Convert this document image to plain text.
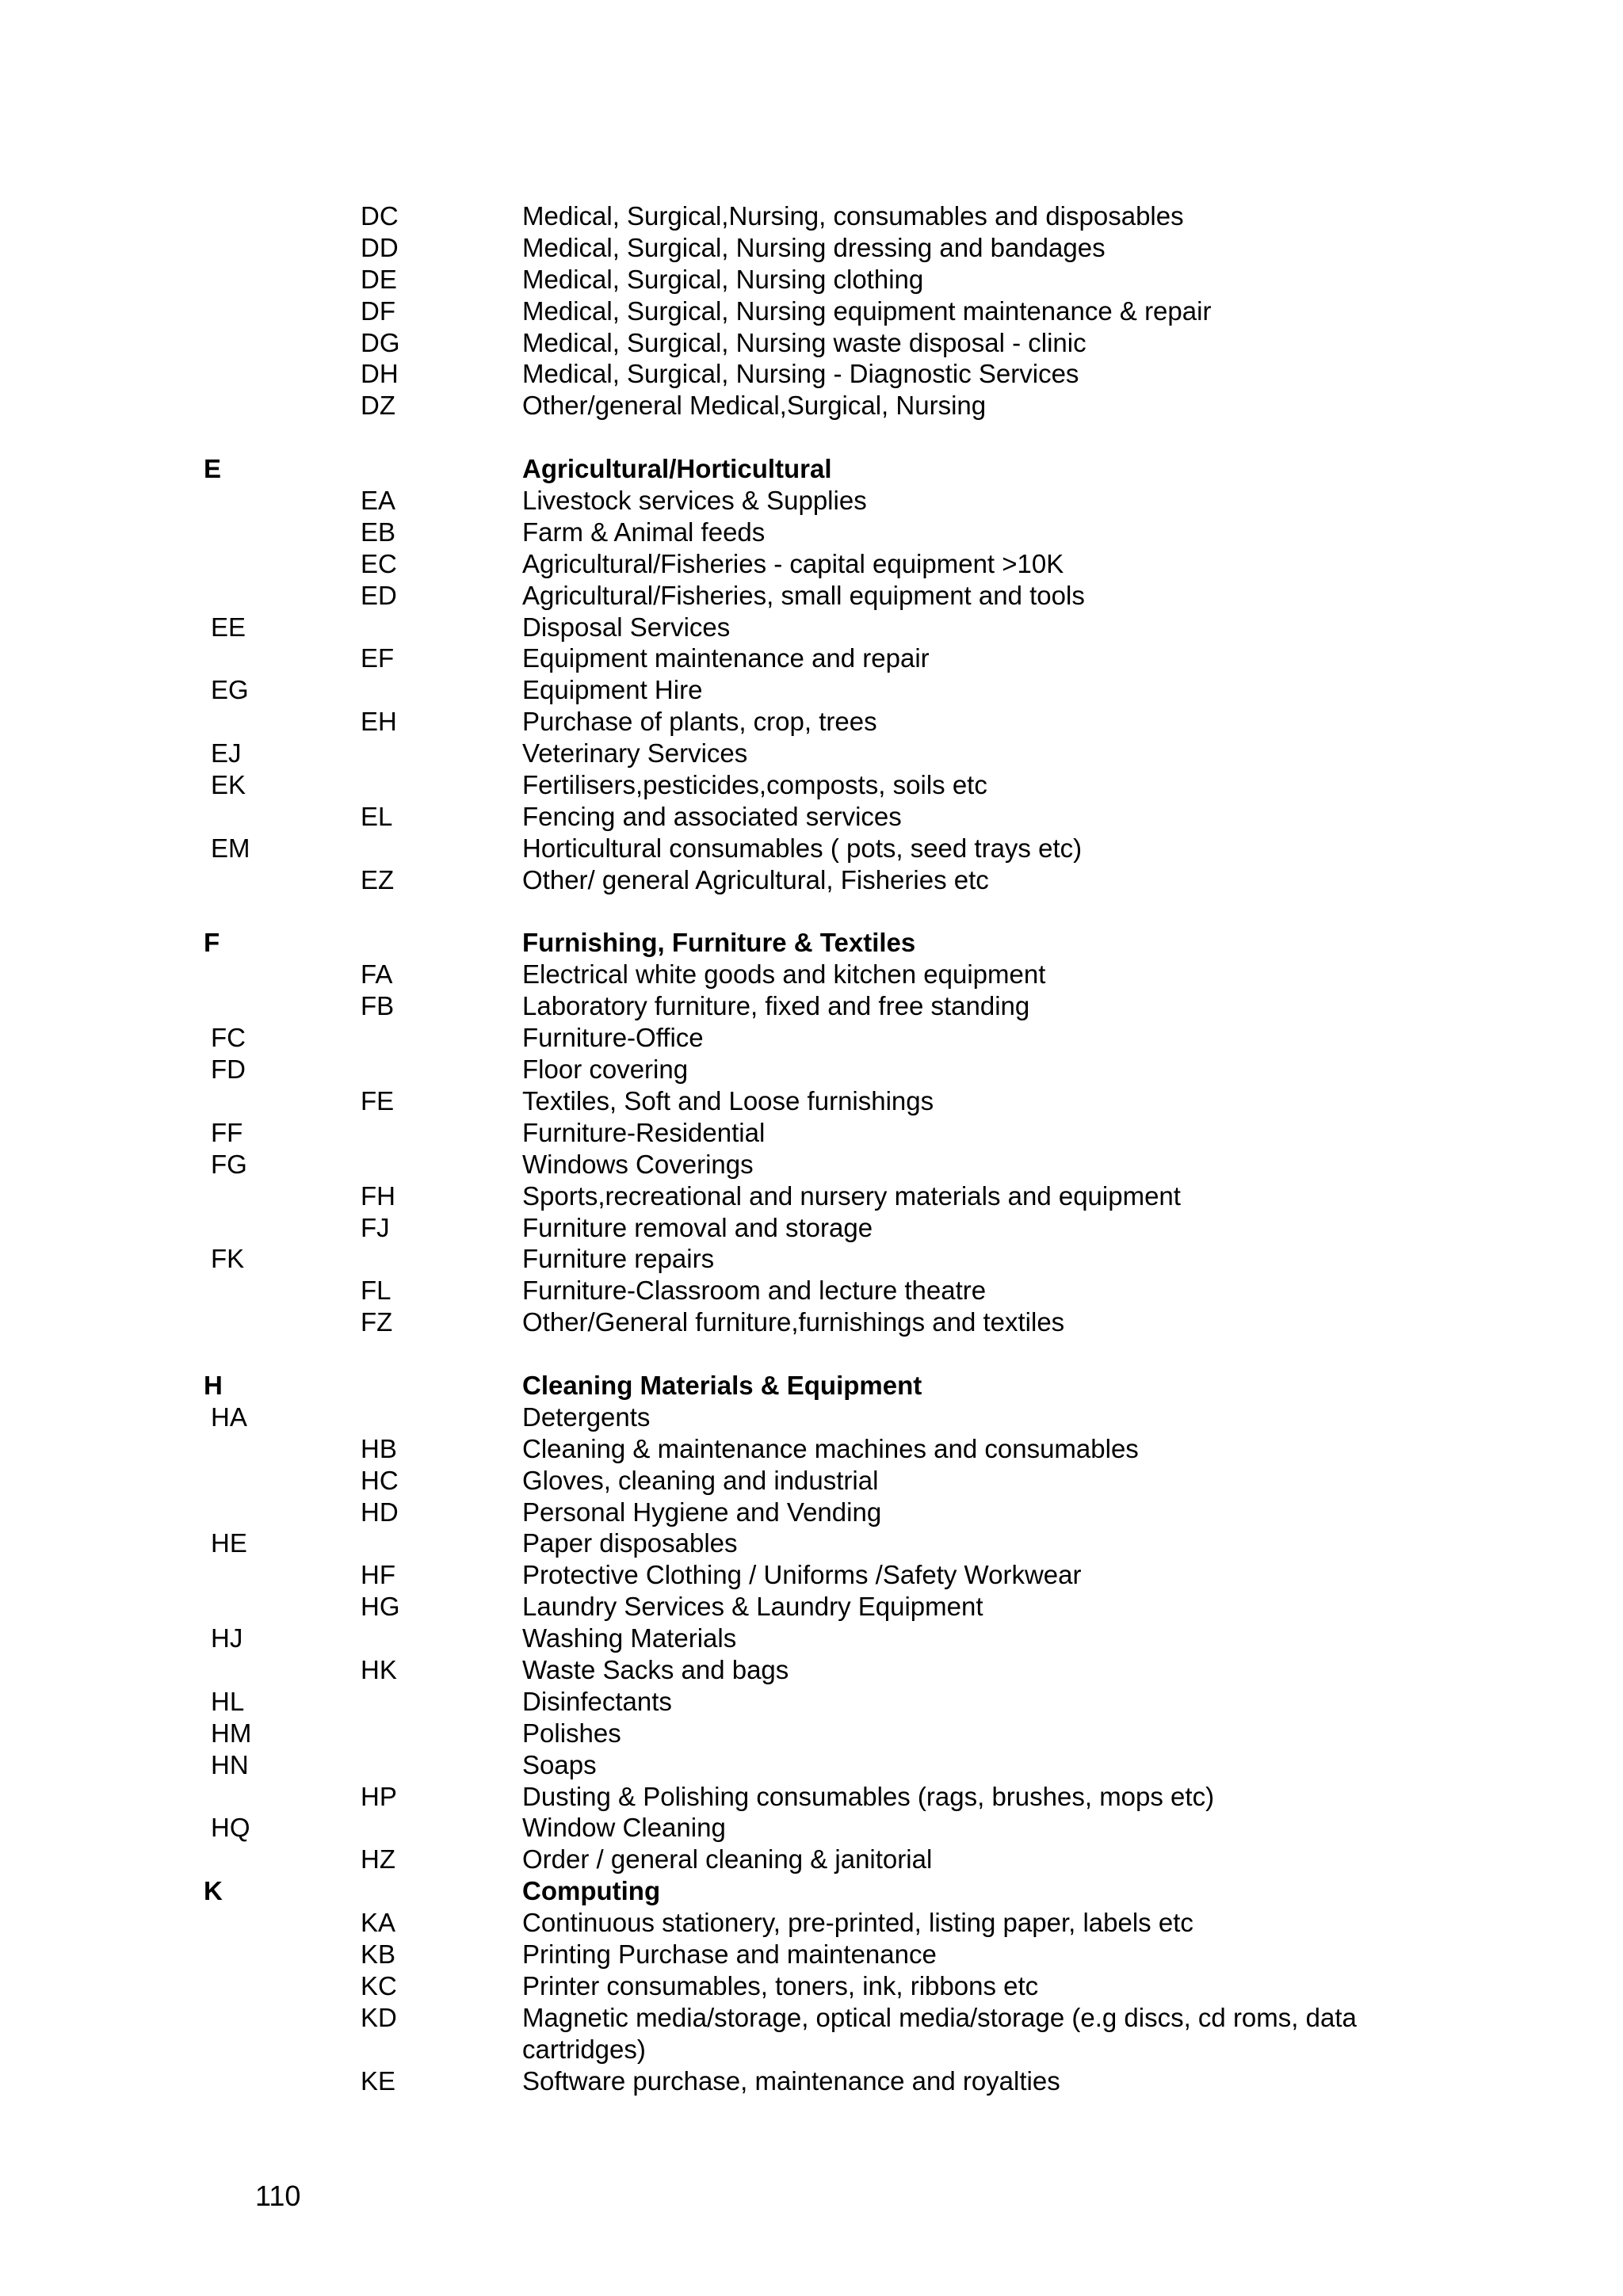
DC	Medical, Surgical,Nursing, consumables and disposables
DD	Medical, Surgical, Nursing dressing and bandages
DE	Medical, Surgical, Nursing clothing
DF	Medical, Surgical, Nursing equipment maintenance & repair
DG	Medical, Surgical, Nursing waste disposal - clinic
DH	Medical, Surgical, Nursing - Diagnostic Services
DZ	Other/general Medical,Surgical, Nursing
E	Agricultural/Horticultural
EA	Livestock services & Supplies
EB	Farm & Animal feeds
EC	Agricultural/Fisheries - capital equipment >10K
ED	Agricultural/Fisheries, small equipment and tools
EE	Disposal Services
EF	Equipment maintenance and repair
EG	Equipment Hire
EH	Purchase of plants, crop, trees
EJ	Veterinary Services
EK	Fertilisers,pesticides,composts, soils etc
EL	Fencing and associated services
EM	Horticultural consumables ( pots, seed trays etc)
EZ	Other/ general Agricultural, Fisheries etc
F	Furnishing, Furniture & Textiles
FA	Electrical white goods and kitchen equipment
FB	Laboratory furniture, fixed and free standing
FC	Furniture-Office
FD	Floor covering
FE	Textiles, Soft and Loose furnishings
FF	Furniture-Residential
FG	Windows Coverings
FH	Sports,recreational and nursery materials and equipment
FJ	Furniture removal and storage
FK	Furniture repairs
FL	Furniture-Classroom and lecture theatre
FZ	Other/General furniture,furnishings and textiles
H	Cleaning Materials & Equipment
HA	Detergents
HB	Cleaning & maintenance machines and consumables
HC	Gloves, cleaning and industrial
HD	Personal Hygiene and Vending
HE	Paper disposables
HF	Protective Clothing / Uniforms /Safety Workwear
HG	Laundry Services & Laundry Equipment
HJ	Washing Materials
HK	Waste Sacks and bags
HL	Disinfectants
HM	Polishes
HN	Soaps
HP	Dusting & Polishing consumables (rags, brushes, mops etc)
HQ	Window Cleaning
HZ	Order / general cleaning & janitorial
K	Computing
KA	Continuous stationery, pre-printed, listing paper, labels etc
KB	Printing Purchase and maintenance
KC	Printer consumables, toners, ink, ribbons etc
KD	Magnetic media/storage, optical media/storage (e.g discs, cd roms, data cartridges)
KE	Software purchase, maintenance and royalties
110
